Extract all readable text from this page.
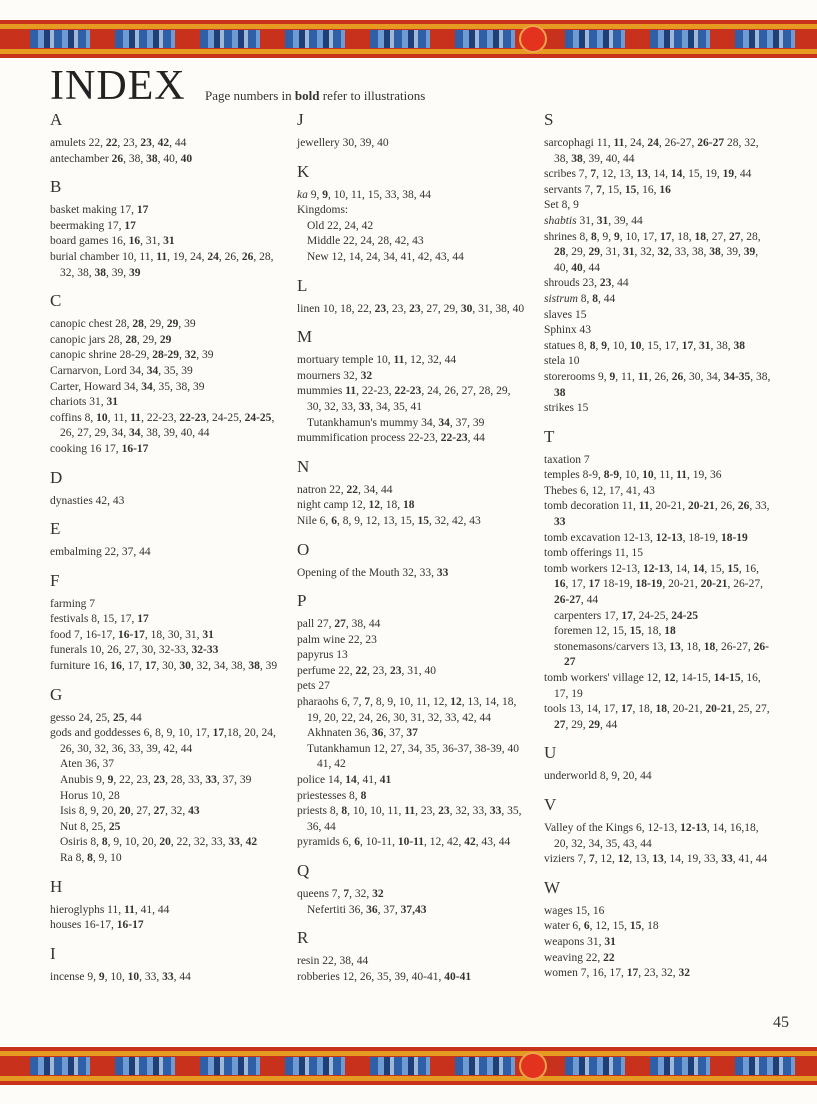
INDEX Page numbers in bold refer to illustrations
A
amulets 22, 22, 23, 23, 42, 44
antechamber 26, 38, 38, 40, 40
B
basket making 17, 17
beermaking 17, 17
board games 16, 16, 31, 31
burial chamber 10, 11, 11, 19, 24, 24, 26, 26, 28, 32, 38, 38, 39, 39
C
canopic chest 28, 28, 29, 29, 39
canopic jars 28, 28, 29, 29
canopic shrine 28-29, 28-29, 32, 39
Carnarvon, Lord 34, 34, 35, 39
Carter, Howard 34, 34, 35, 38, 39
chariots 31, 31
coffins 8, 10, 11, 11, 22-23, 22-23, 24-25, 24-25, 26, 27, 29, 34, 34, 38, 39, 40, 44
cooking 16 17, 16-17
D
dynasties 42, 43
E
embalming 22, 37, 44
F
farming 7
festivals 8, 15, 17, 17
food 7, 16-17, 16-17, 18, 30, 31, 31
funerals 10, 26, 27, 30, 32-33, 32-33
furniture 16, 16, 17, 17, 30, 30, 32, 34, 38, 38, 39
G
gesso 24, 25, 25, 44
gods and goddesses 6, 8, 9, 10, 17, 17,18, 20, 24, 26, 30, 32, 36, 33, 39, 42, 44
Aten 36, 37
Anubis 9, 9, 22, 23, 23, 28, 33, 33, 37, 39
Horus 10, 28
Isis 8, 9, 20, 20, 27, 27, 32, 43
Nut 8, 25, 25
Osiris 8, 8, 9, 10, 20, 20, 22, 32, 33, 33, 42
Ra 8, 8, 9, 10
H
hieroglyphs 11, 11, 41, 44
houses 16-17, 16-17
I
incense 9, 9, 10, 10, 33, 33, 44
J
jewellery 30, 39, 40
K
ka 9, 9, 10, 11, 15, 33, 38, 44
Kingdoms:
Old 22, 24, 42
Middle 22, 24, 28, 42, 43
New 12, 14, 24, 34, 41, 42, 43, 44
L
linen 10, 18, 22, 23, 23, 23, 27, 29, 30, 31, 38, 40
M
mortuary temple 10, 11, 12, 32, 44
mourners 32, 32
mummies 11, 22-23, 22-23, 24, 26, 27, 28, 29, 30, 32, 33, 33, 34, 35, 41
Tutankhamun's mummy 34, 34, 37, 39
mummification process 22-23, 22-23, 44
N
natron 22, 22, 34, 44
night camp 12, 12, 18, 18
Nile 6, 6, 8, 9, 12, 13, 15, 15, 32, 42, 43
O
Opening of the Mouth 32, 33, 33
P
pall 27, 27, 38, 44
palm wine 22, 23
papyrus 13
perfume 22, 22, 23, 23, 31, 40
pets 27
pharaohs 6, 7, 7, 8, 9, 10, 11, 12, 12, 13, 14, 18, 19, 20, 22, 24, 26, 30, 31, 32, 33, 42, 44
Akhnaten 36, 36, 37, 37
Tutankhamun 12, 27, 34, 35, 36-37, 38-39, 40 41, 42
police 14, 14, 41, 41
priestesses 8, 8
priests 8, 8, 10, 10, 11, 11, 23, 23, 32, 33, 33, 35, 36, 44
pyramids 6, 6, 10-11, 10-11, 12, 42, 42, 43, 44
Q
queens 7, 7, 32, 32
Nefertiti 36, 36, 37, 37,43
R
resin 22, 38, 44
robberies 12, 26, 35, 39, 40-41, 40-41
S
sarcophagi 11, 11, 24, 24, 26-27, 26-27 28, 32, 38, 38, 39, 40, 44
scribes 7, 7, 12, 13, 13, 14, 14, 15, 19, 19, 44
servants 7, 7, 15, 15, 16, 16
Set 8, 9
shabtis 31, 31, 39, 44
shrines 8, 8, 9, 9, 10, 17, 17, 18, 18, 27, 27, 28, 28, 29, 29, 31, 31, 32, 32, 33, 38, 38, 39, 39, 40, 40, 44
shrouds 23, 23, 44
sistrum 8, 8, 44
slaves 15
Sphinx 43
statues 8, 8, 9, 10, 10, 15, 17, 17, 31, 38, 38
stela 10
storerooms 9, 9, 11, 11, 26, 26, 30, 34, 34-35, 38, 38
strikes 15
T
taxation 7
temples 8-9, 8-9, 10, 10, 11, 11, 19, 36
Thebes 6, 12, 17, 41, 43
tomb decoration 11, 11, 20-21, 20-21, 26, 26, 33, 33
tomb excavation 12-13, 12-13, 18-19, 18-19
tomb offerings 11, 15
tomb workers 12-13, 12-13, 14, 14, 15, 15, 16, 16, 17, 17 18-19, 18-19, 20-21, 20-21, 26-27, 26-27, 44
carpenters 17, 17, 24-25, 24-25
foremen 12, 15, 15, 18, 18
stonemasons/carvers 13, 13, 18, 18, 26-27, 26-27
tomb workers' village 12, 12, 14-15, 14-15, 16, 17, 19
tools 13, 14, 17, 17, 18, 18, 20-21, 20-21, 25, 27, 27, 29, 29, 44
U
underworld 8, 9, 20, 44
V
Valley of the Kings 6, 12-13, 12-13, 14, 16,18, 20, 32, 34, 35, 43, 44
viziers 7, 7, 12, 12, 13, 13, 14, 19, 33, 33, 41, 44
W
wages 15, 16
water 6, 6, 12, 15, 15, 18
weapons 31, 31
weaving 22, 22
women 7, 16, 17, 17, 23, 32, 32
45
